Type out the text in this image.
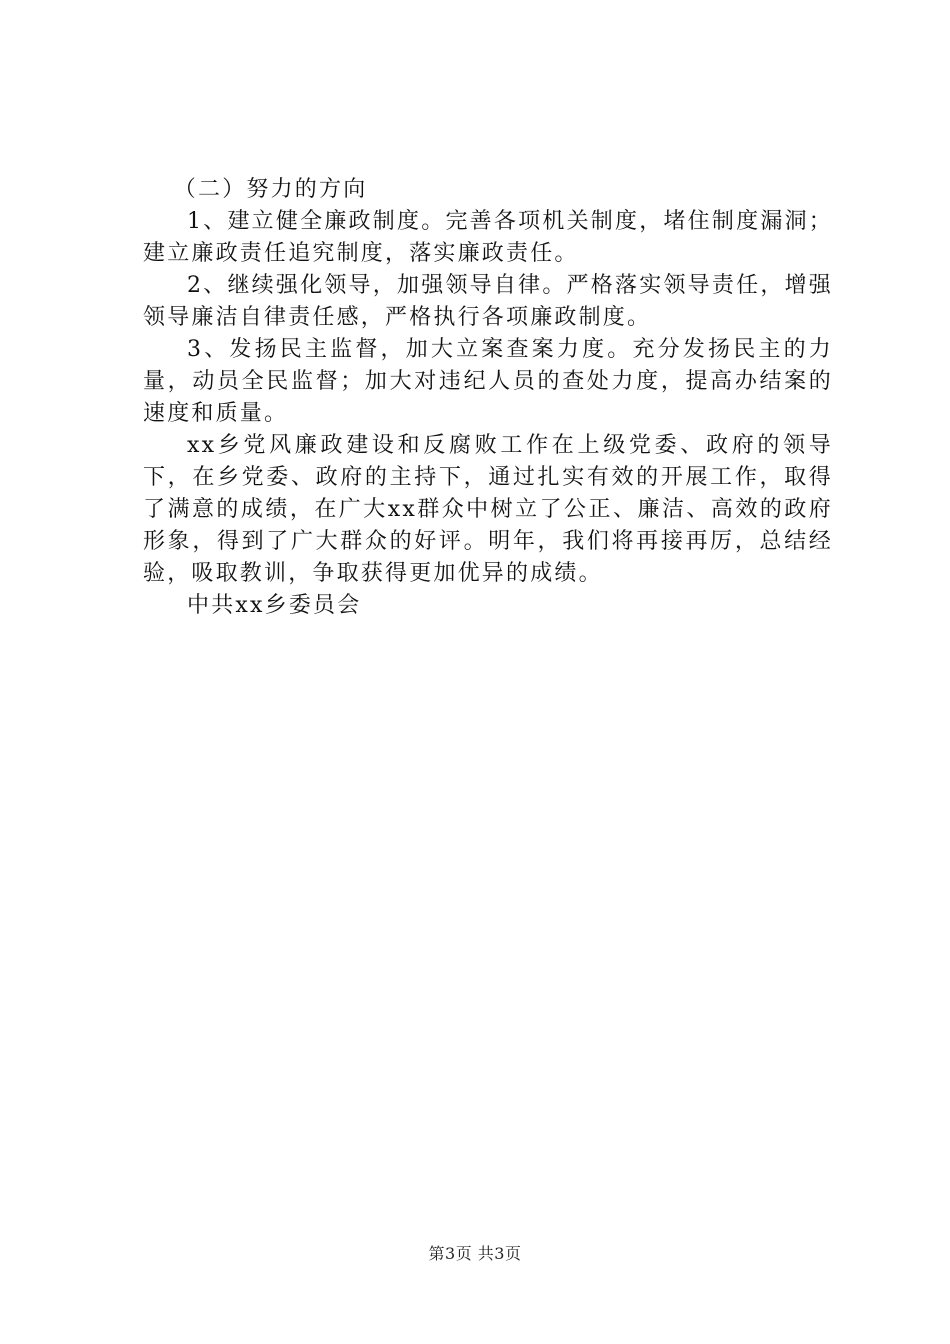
（二）努力的方向

1、建立健全廉政制度。完善各项机关制度，堵住制度漏洞；建立廉政责任追究制度，落实廉政责任。

2、继续强化领导，加强领导自律。严格落实领导责任，增强领导廉洁自律责任感，严格执行各项廉政制度。

3、发扬民主监督，加大立案查案力度。充分发扬民主的力量，动员全民监督；加大对违纪人员的查处力度，提高办结案的速度和质量。

xx乡党风廉政建设和反腐败工作在上级党委、政府的领导下，在乡党委、政府的主持下，通过扎实有效的开展工作，取得了满意的成绩，在广大xx群众中树立了公正、廉洁、高效的政府形象，得到了广大群众的好评。明年，我们将再接再厉，总结经验，吸取教训，争取获得更加优异的成绩。

中共xx乡委员会

第3页 共3页
